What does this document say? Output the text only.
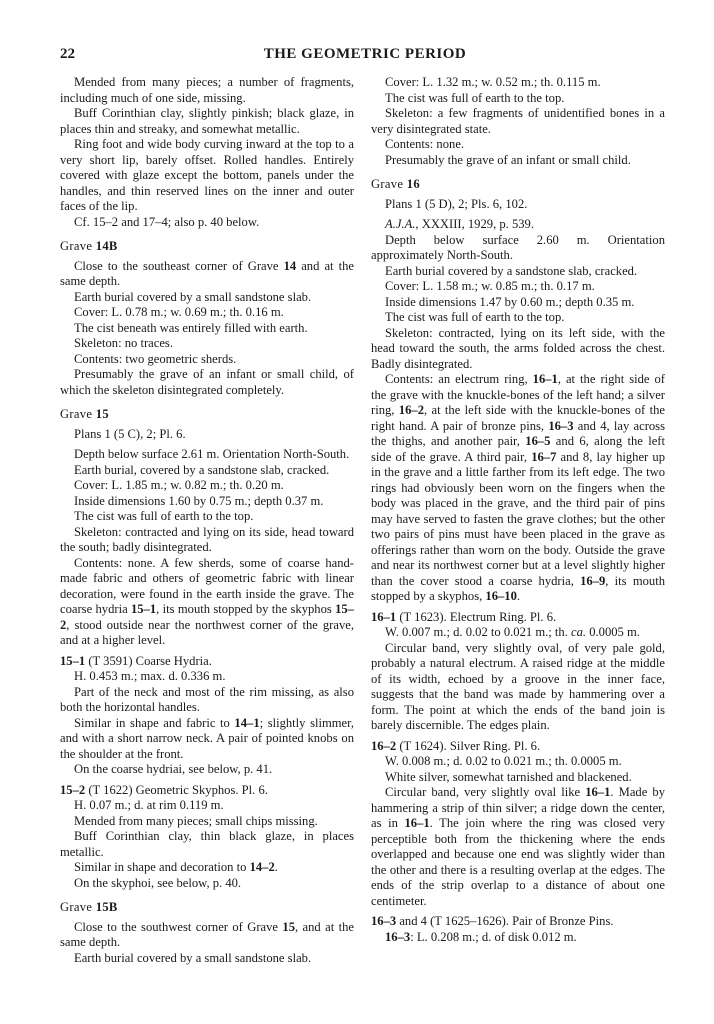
22	THE GEOMETRIC PERIOD

Mended from many pieces; a number of fragments, including much of one side, missing.

Buff Corinthian clay, slightly pinkish; black glaze, in places thin and streaky, and somewhat metallic.

Ring foot and wide body curving inward at the top to a very short lip, barely offset. Rolled handles. Entirely covered with glaze except the bottom, panels under the handles, and thin reserved lines on the inner and outer faces of the lip.

Cf. 15–2 and 17–4; also p. 40 below.

Grave 14B

Close to the southeast corner of Grave 14 and at the same depth.

Earth burial covered by a small sandstone slab.

Cover: L. 0.78 m.; w. 0.69 m.; th. 0.16 m.

The cist beneath was entirely filled with earth.

Skeleton: no traces.

Contents: two geometric sherds.

Presumably the grave of an infant or small child, of which the skeleton disintegrated completely.

Grave 15

Plans 1 (5 C), 2; Pl. 6.

Depth below surface 2.61 m. Orientation North-South.

Earth burial, covered by a sandstone slab, cracked.

Cover: L. 1.85 m.; w. 0.82 m.; th. 0.20 m.

Inside dimensions 1.60 by 0.75 m.; depth 0.37 m.

The cist was full of earth to the top.

Skeleton: contracted and lying on its side, head toward the south; badly disintegrated.

Contents: none. A few sherds, some of coarse hand-made fabric and others of geometric fabric with linear decoration, were found in the earth inside the grave. The coarse hydria 15–1, its mouth stopped by the skyphos 15–2, stood outside near the northwest corner of the grave, and at a higher level.

15–1 (T 3591) Coarse Hydria.

H. 0.453 m.; max. d. 0.336 m.

Part of the neck and most of the rim missing, as also both the horizontal handles.

Similar in shape and fabric to 14–1; slightly slimmer, and with a short narrow neck. A pair of pointed knobs on the shoulder at the front.

On the coarse hydriai, see below, p. 41.

15–2 (T 1622) Geometric Skyphos. Pl. 6.

H. 0.07 m.; d. at rim 0.119 m.

Mended from many pieces; small chips missing.

Buff Corinthian clay, thin black glaze, in places metallic.

Similar in shape and decoration to 14–2.

On the skyphoi, see below, p. 40.

Grave 15B

Close to the southwest corner of Grave 15, and at the same depth.

Earth burial covered by a small sandstone slab.

Cover: L. 1.32 m.; w. 0.52 m.; th. 0.115 m.

The cist was full of earth to the top.

Skeleton: a few fragments of unidentified bones in a very disintegrated state.

Contents: none.

Presumably the grave of an infant or small child.

Grave 16

Plans 1 (5 D), 2; Pls. 6, 102.

A.J.A., XXXIII, 1929, p. 539.

Depth below surface 2.60 m. Orientation approximately North-South.

Earth burial covered by a sandstone slab, cracked.

Cover: L. 1.58 m.; w. 0.85 m.; th. 0.17 m.

Inside dimensions 1.47 by 0.60 m.; depth 0.35 m.

The cist was full of earth to the top.

Skeleton: contracted, lying on its left side, with the head toward the south, the arms folded across the chest. Badly disintegrated.

Contents: an electrum ring, 16–1, at the right side of the grave with the knuckle-bones of the left hand; a silver ring, 16–2, at the left side with the knuckle-bones of the right hand. A pair of bronze pins, 16–3 and 4, lay across the thighs, and another pair, 16–5 and 6, along the left side of the grave. A third pair, 16–7 and 8, lay higher up in the grave and a little farther from its left edge. The two rings had obviously been worn on the fingers when the body was placed in the grave, and the third pair of pins may have served to fasten the grave clothes; but the other two pairs of pins must have been placed in the grave as offerings rather than worn on the body. Outside the grave and near its northwest corner but at a level slightly higher than the cover stood a coarse hydria, 16–9, its mouth stopped by a skyphos, 16–10.

16–1 (T 1623). Electrum Ring. Pl. 6.

W. 0.007 m.; d. 0.02 to 0.021 m.; th. ca. 0.0005 m.

Circular band, very slightly oval, of very pale gold, probably a natural electrum. A raised ridge at the middle of its width, echoed by a groove in the inner face, suggests that the band was made by hammering over a form. The point at which the ends of the band join is barely discernible. The edges plain.

16–2 (T 1624). Silver Ring. Pl. 6.

W. 0.008 m.; d. 0.02 to 0.021 m.; th. 0.0005 m.

White silver, somewhat tarnished and blackened.

Circular band, very slightly oval like 16–1. Made by hammering a strip of thin silver; a ridge down the center, as in 16–1. The join where the ring was closed very perceptible both from the thickening where the ends overlapped and because one end was slightly wider than the other and there is a resulting overlap at the edges. The ends of the strip overlap to a distance of about one centimeter.

16–3 and 4 (T 1625–1626). Pair of Bronze Pins.

16–3: L. 0.208 m.; d. of disk 0.012 m.
